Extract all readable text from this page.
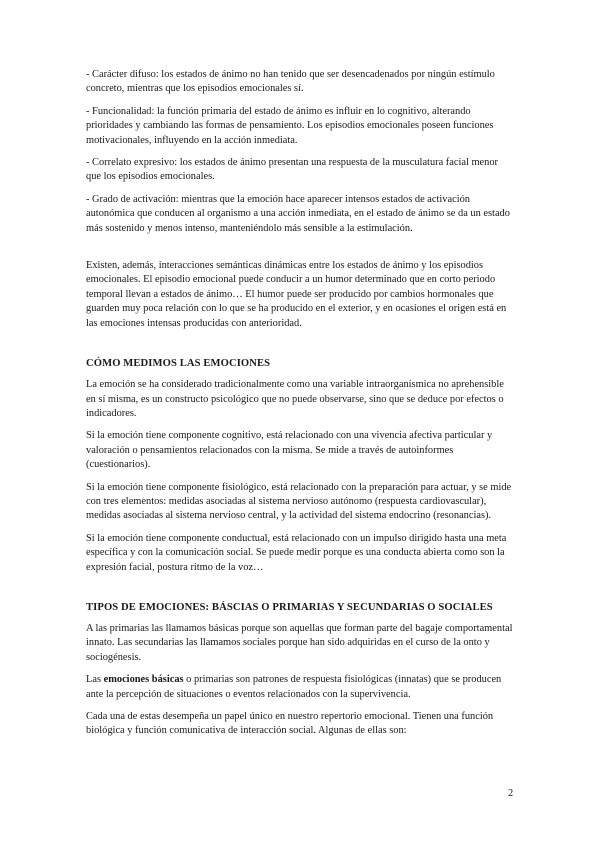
- Carácter difuso: los estados de ánimo no han tenido que ser desencadenados por ningún estímulo concreto, mientras que los episodios emocionales sí.

- Funcionalidad: la función primaria del estado de ánimo es influir en lo cognitivo, alterando prioridades y cambiando las formas de pensamiento. Los episodios emocionales poseen funciones motivacionales, influyendo en la acción inmediata.

- Correlato expresivo: los estados de ánimo presentan una respuesta de la musculatura facial menor que los episodios emocionales.

- Grado de activación: mientras que la emoción hace aparecer intensos estados de activación autonómica que conducen al organismo a una acción inmediata, en el estado de ánimo se da un estado más sostenido y menos intenso, manteniéndolo más sensible a la estimulación.

Existen, además, interacciones semánticas dinámicas entre los estados de ánimo y los episodios emocionales. El episodio emocional puede conducir a un humor determinado que en corto periodo temporal llevan a estados de ánimo… El humor puede ser producido por cambios hormonales que guarden muy poca relación con lo que se ha producido en el exterior, y en ocasiones el origen está en las emociones intensas producidas con anterioridad.

CÓMO MEDIMOS LAS EMOCIONES

La emoción se ha considerado tradicionalmente como una variable intraorganísmica no aprehensible en sí misma, es un constructo psicológico que no puede observarse, sino que se deduce por efectos o indicadores.

Si la emoción tiene componente cognitivo, está relacionado con una vivencia afectiva particular y valoración o pensamientos relacionados con la misma. Se mide a través de autoinformes (cuestionarios).

Si la emoción tiene componente fisiológico, está relacionado con la preparación para actuar, y se mide con tres elementos: medidas asociadas al sistema nervioso autónomo (respuesta cardiovascular), medidas asociadas al sistema nervioso central, y la actividad del sistema endocrino (resonancias).

Si la emoción tiene componente conductual, está relacionado con un impulso dirigido hasta una meta específica y con la comunicación social. Se puede medir porque es una conducta abierta como son la expresión facial, postura ritmo de la voz…

TIPOS DE EMOCIONES: BÁSCIAS O PRIMARIAS Y SECUNDARIAS O SOCIALES

A las primarias las llamamos básicas porque son aquellas que forman parte del bagaje comportamental innato. Las secundarias las llamamos sociales porque han sido adquiridas en el curso de la onto y sociogénesis.

Las emociones básicas o primarias son patrones de respuesta fisiológicas (innatas) que se producen ante la percepción de situaciones o eventos relacionados con la supervivencia.

Cada una de estas desempeña un papel único en nuestro repertorio emocional. Tienen una función biológica y función comunicativa de interacción social. Algunas de ellas son:

2
